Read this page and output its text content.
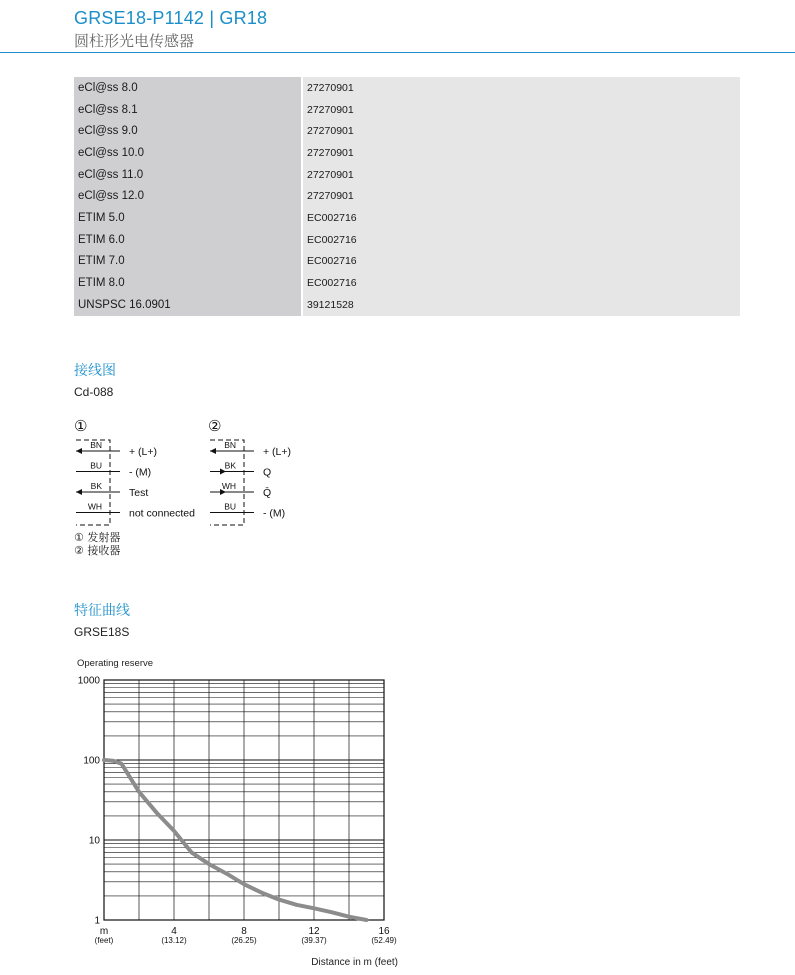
GRSE18-P1142 | GR18
圆柱形光电传感器
eCl@ss 8.0	27270901
eCl@ss 8.1	27270901
eCl@ss 9.0	27270901
eCl@ss 10.0	27270901
eCl@ss 11.0	27270901
eCl@ss 12.0	27270901
ETIM 5.0	EC002716
ETIM 6.0	EC002716
ETIM 7.0	EC002716
ETIM 8.0	EC002716
UNSPSC 16.0901	39121528
接线图
Cd-088
①
BN
+ (L+)
BU
- (M)
BK
Test
WH
not connected
②
BN
+ (L+)
BK
Q
WH
Q̄
BU
- (M)
① 发射器
② 接收器
特征曲线
GRSE18S
1000
100
10
1
m
(feet)
4
(13.12)
8
(26.25)
12
(39.37)
16
(52.49)
Operating reserve
Distance in m (feet)
